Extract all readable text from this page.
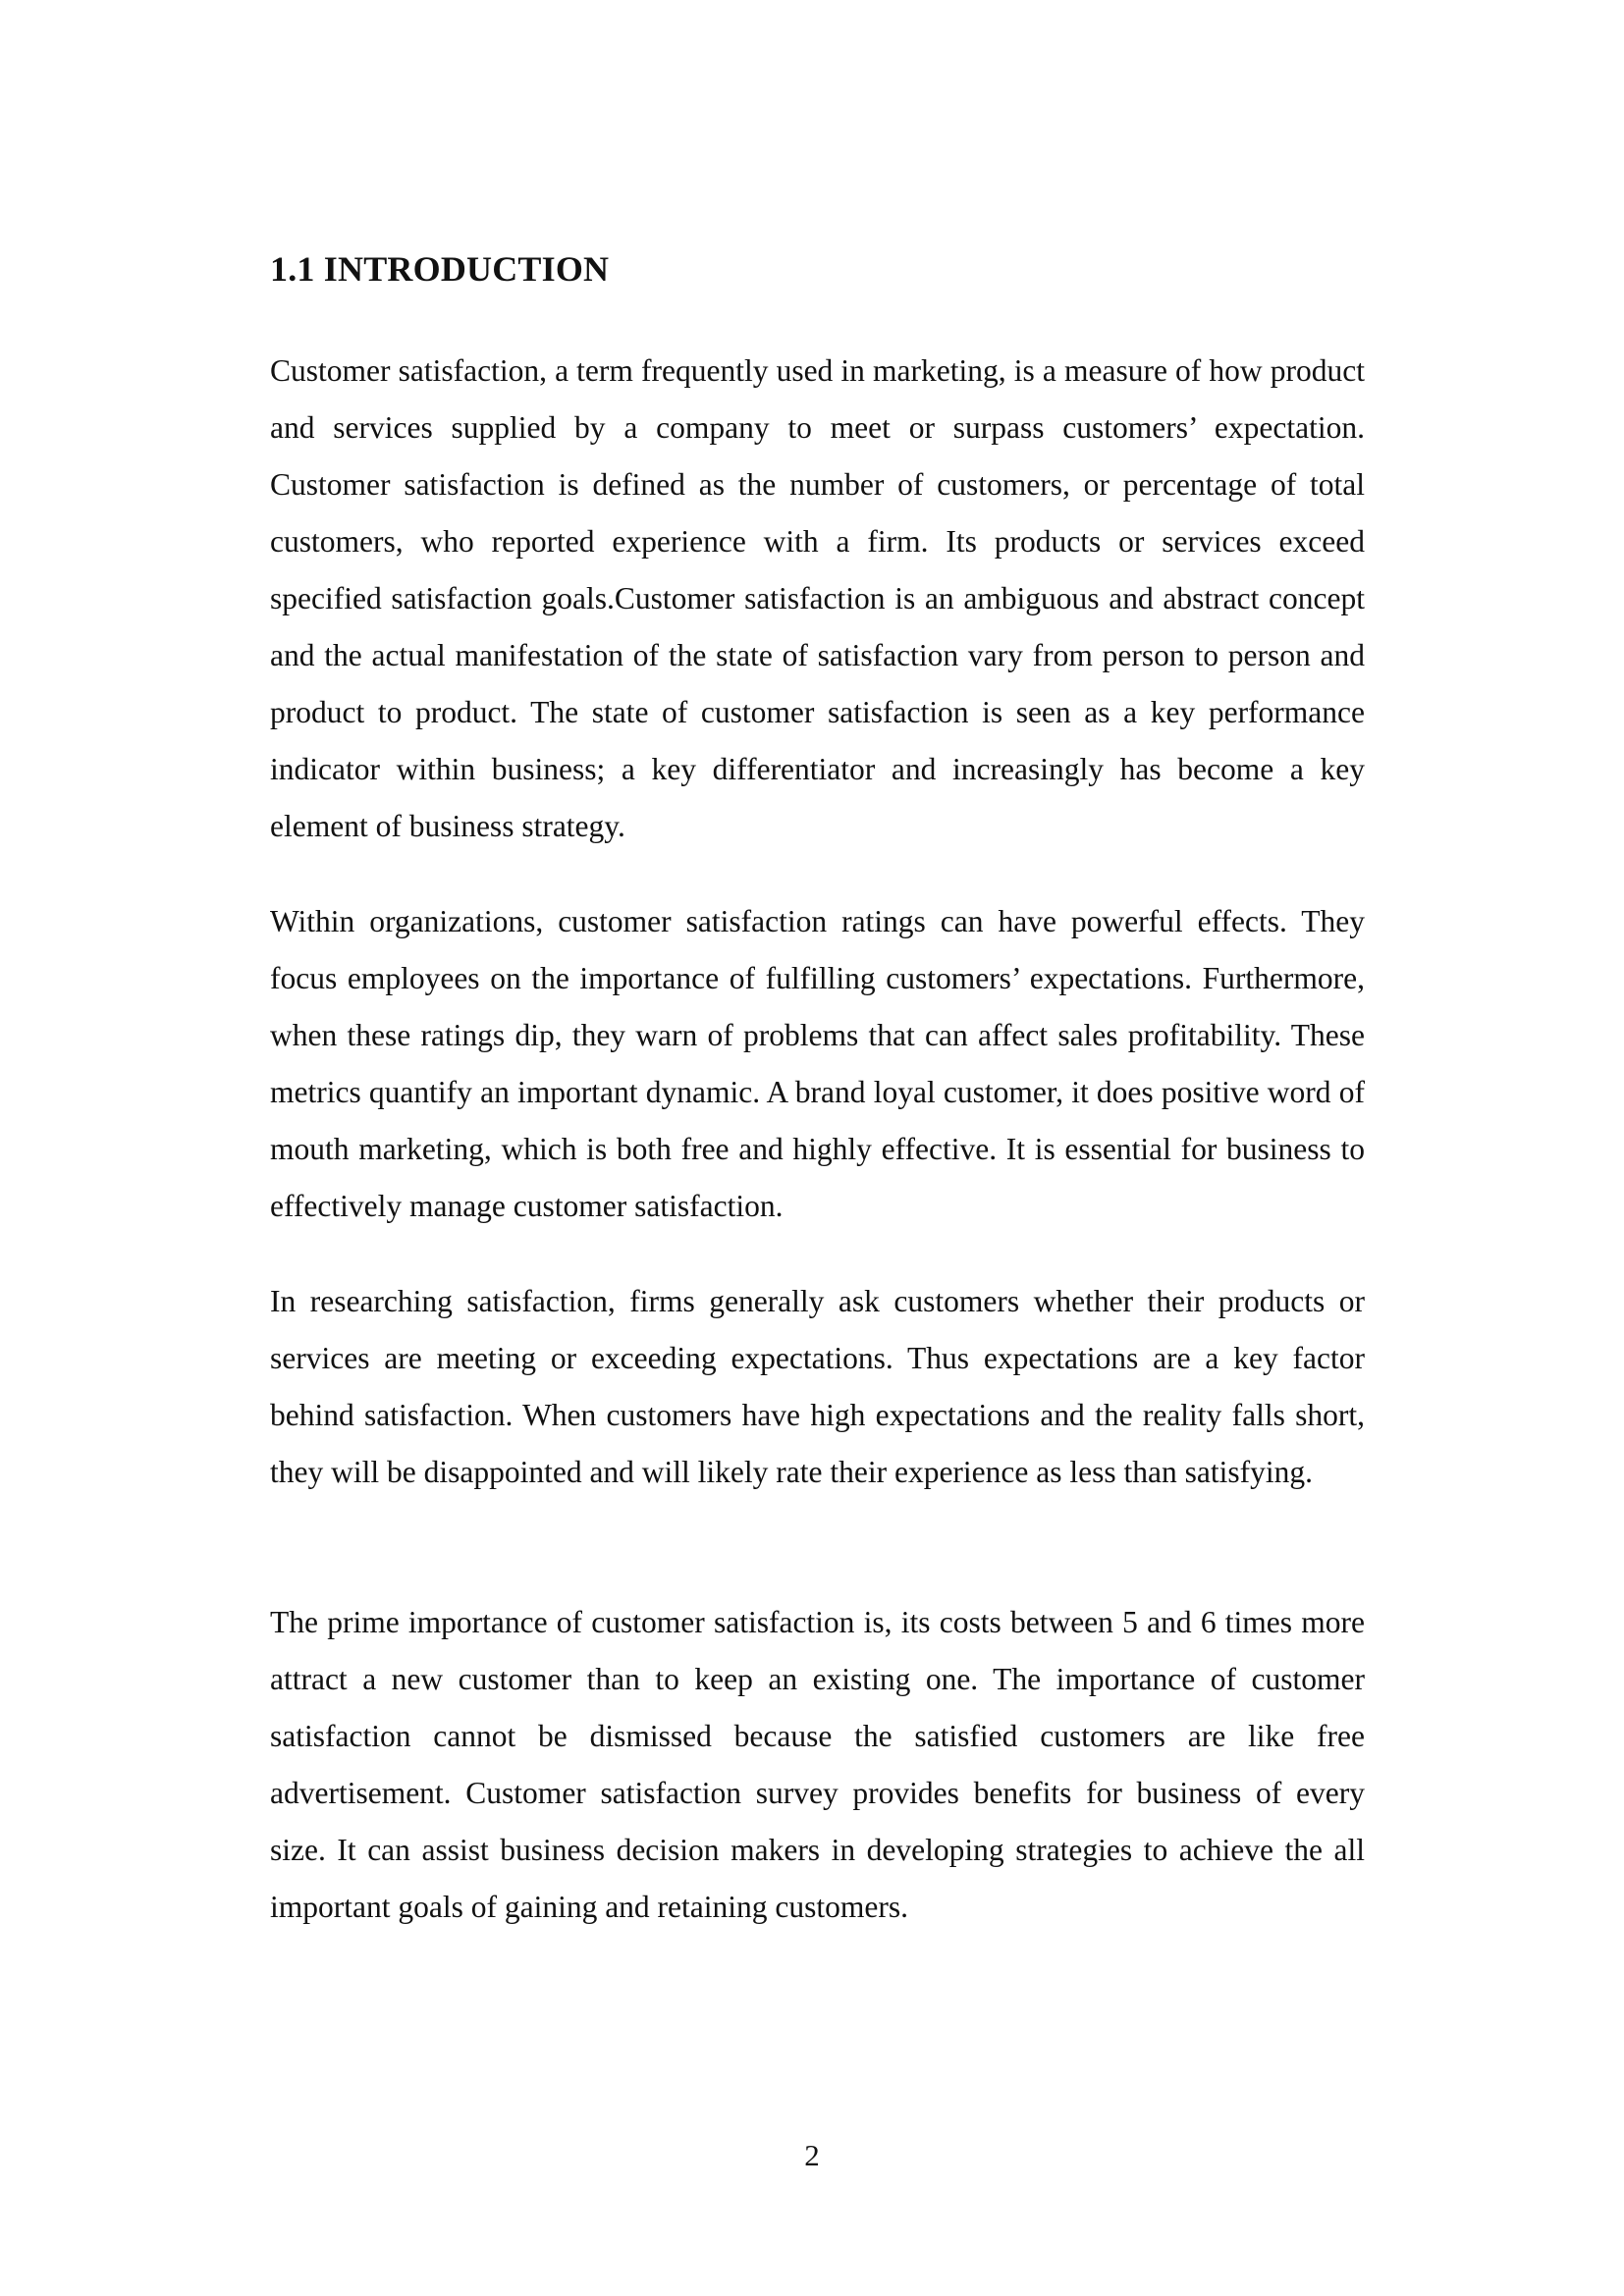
1.1 INTRODUCTION

Customer satisfaction, a term frequently used in marketing, is a measure of how product and services supplied by a company to meet or surpass customers’ expectation. Customer satisfaction is defined as the number of customers, or percentage of total customers, who reported experience with a firm. Its products or services exceed specified satisfaction goals.Customer satisfaction is an ambiguous and abstract concept and the actual manifestation of the state of satisfaction vary from person to person and product to product. The state of customer satisfaction is seen as a key performance indicator within business; a key differentiator and increasingly has become a key element of business strategy.

Within organizations, customer satisfaction ratings can have powerful effects. They focus employees on the importance of fulfilling customers’ expectations. Furthermore, when these ratings dip, they warn of problems that can affect sales profitability. These metrics quantify an important dynamic. A brand loyal customer, it does positive word of mouth marketing, which is both free and highly effective. It is essential for business to effectively manage customer satisfaction.

In researching satisfaction, firms generally ask customers whether their products or services are meeting or exceeding expectations. Thus expectations are a key factor behind satisfaction. When customers have high expectations and the reality falls short, they will be disappointed and will likely rate their experience as less than satisfying.

The prime importance of customer satisfaction is, its costs between 5 and 6 times more attract a new customer than to keep an existing one. The importance of customer satisfaction cannot be dismissed because the satisfied customers are like free advertisement. Customer satisfaction survey provides benefits for business of every size. It can assist business decision makers in developing strategies to achieve the all important goals of gaining and retaining customers.

2
